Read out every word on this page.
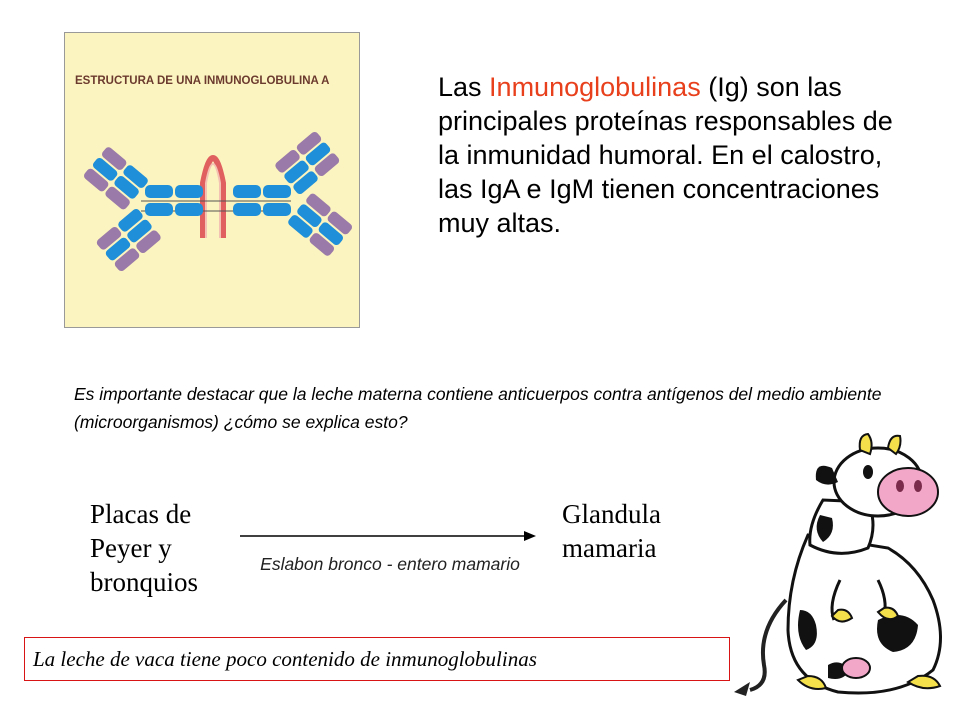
ESTRUCTURA DE UNA INMUNOGLOBULINA A	Las Inmunoglobulinas (Ig) son las principales proteínas responsables de la inmunidad humoral. En el calostro, las IgA e IgM tienen concentraciones muy altas.
Es importante destacar que la leche materna contiene anticuerpos contra antígenos del medio ambiente (microorganismos) ¿cómo se explica esto?
Placas de Peyer y bronquios
Eslabon bronco - entero mamario
Glandula mamaria
La leche de vaca tiene poco contenido de inmunoglobulinas
